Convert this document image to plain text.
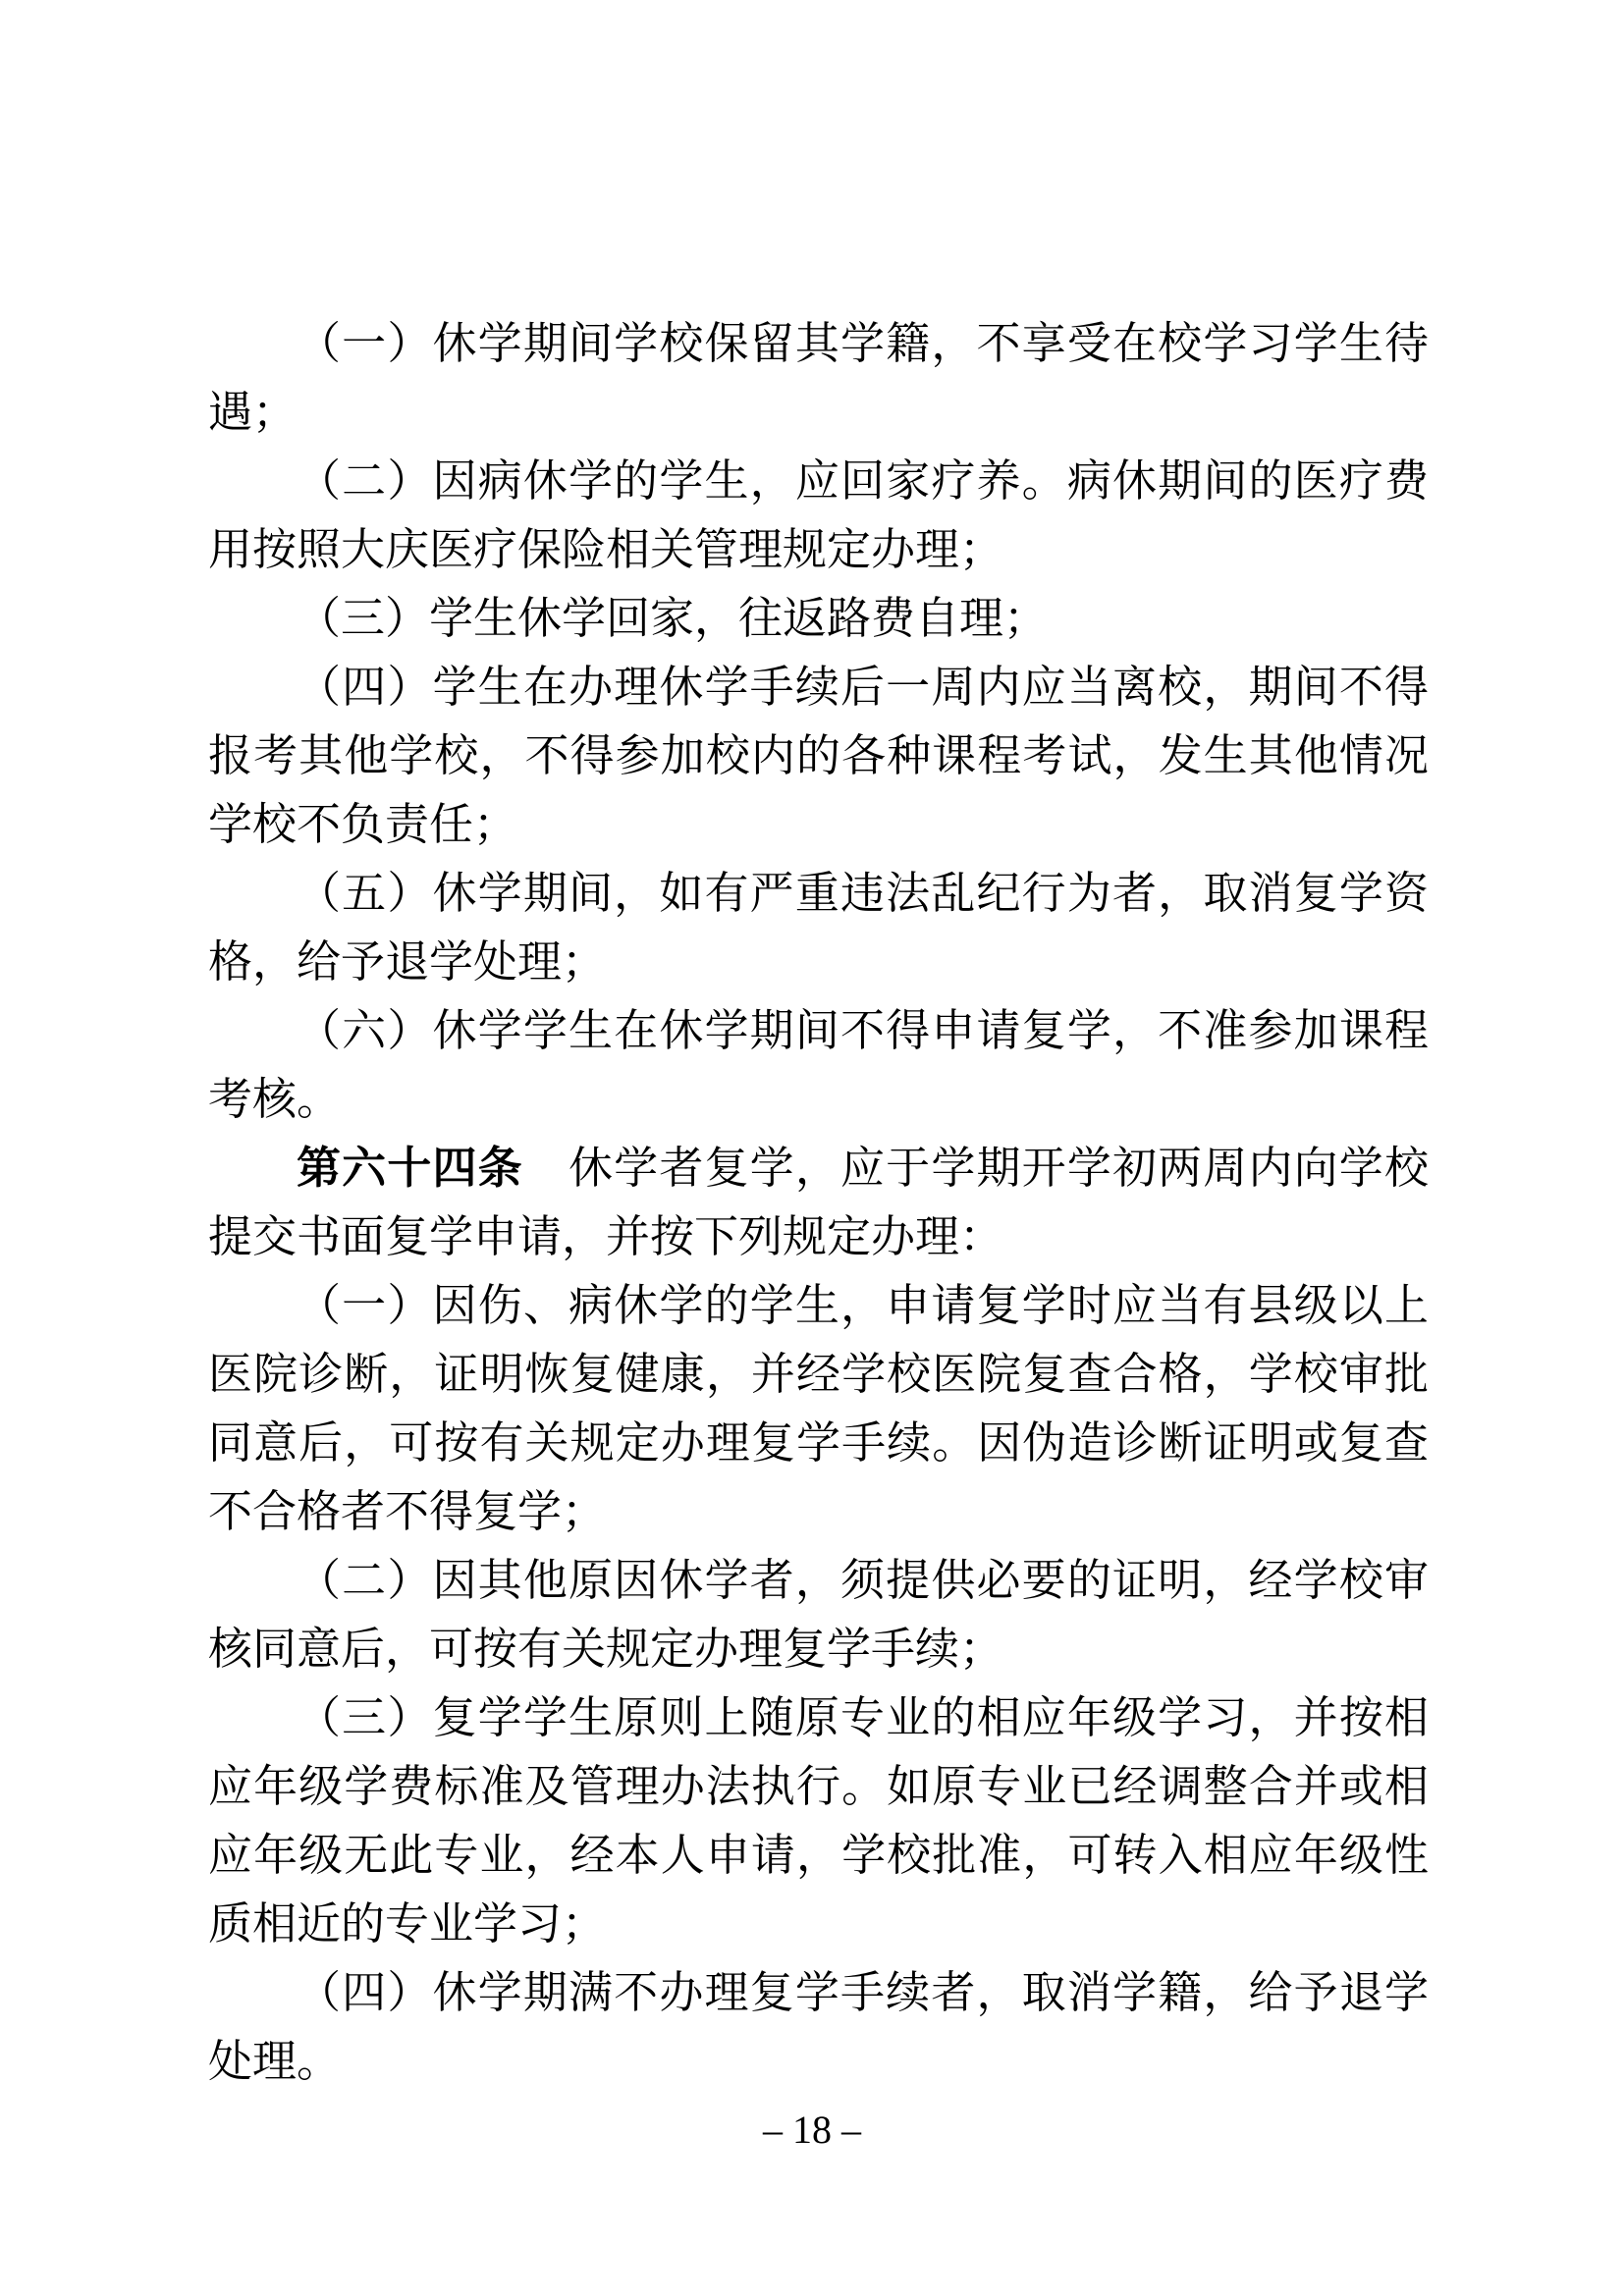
（一）休学期间学校保留其学籍，不享受在校学习学生待遇；

（二）因病休学的学生，应回家疗养。病休期间的医疗费用按照大庆医疗保险相关管理规定办理；

（三）学生休学回家，往返路费自理；

（四）学生在办理休学手续后一周内应当离校，期间不得报考其他学校，不得参加校内的各种课程考试，发生其他情况学校不负责任；

（五）休学期间，如有严重违法乱纪行为者，取消复学资格，给予退学处理；

（六）休学学生在休学期间不得申请复学，不准参加课程考核。

第六十四条　休学者复学，应于学期开学初两周内向学校提交书面复学申请，并按下列规定办理：

（一）因伤、病休学的学生，申请复学时应当有县级以上医院诊断，证明恢复健康，并经学校医院复查合格，学校审批同意后，可按有关规定办理复学手续。因伪造诊断证明或复查不合格者不得复学；

（二）因其他原因休学者，须提供必要的证明，经学校审核同意后，可按有关规定办理复学手续；

（三）复学学生原则上随原专业的相应年级学习，并按相应年级学费标准及管理办法执行。如原专业已经调整合并或相应年级无此专业，经本人申请，学校批准，可转入相应年级性质相近的专业学习；

（四）休学期满不办理复学手续者，取消学籍，给予退学处理。

– 18 –
